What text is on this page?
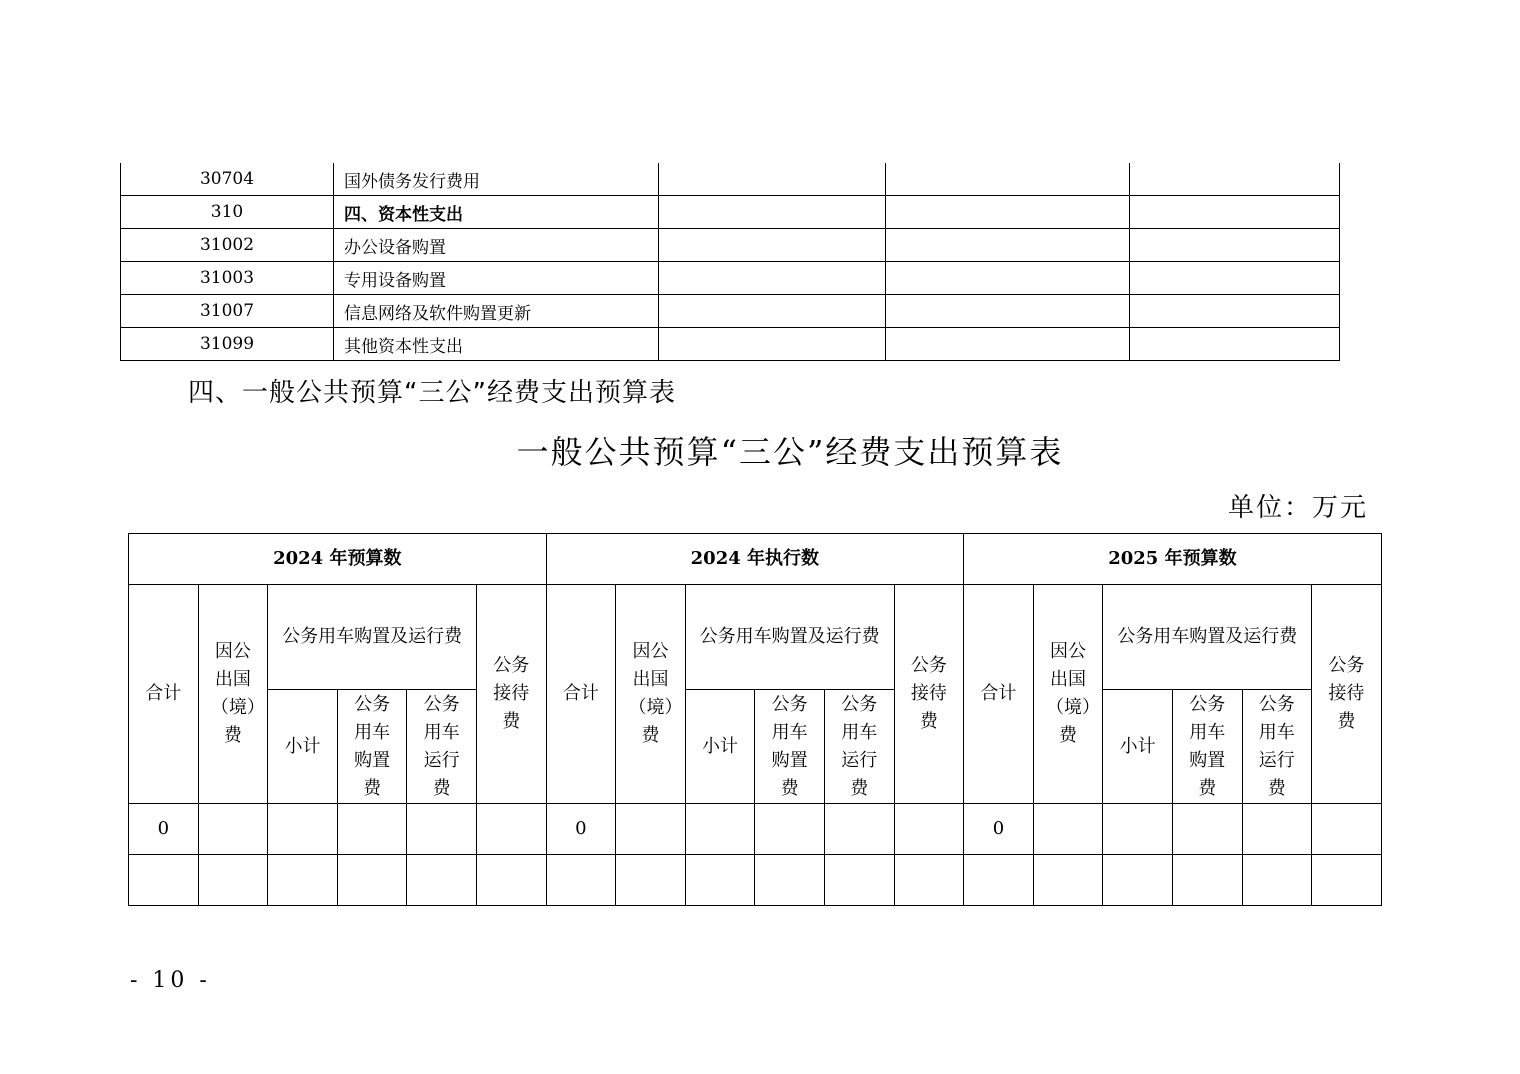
30704	国外债务发行费用			
310	四、资本性支出			
31002	办公设备购置			
31003	专用设备购置			
31007	信息网络及软件购置更新			
31099	其他资本性支出			
四、一般公共预算“三公”经费支出预算表
一般公共预算“三公”经费支出预算表
单位：万元
2024 年预算数						2024 年执行数						2025 年预算数					
合计	因公出国（境）费	公务用车购置及运行费			公务接待费	合计	因公出国（境）费	公务用车购置及运行费			公务接待费	合计	因公出国（境）费	公务用车购置及运行费			公务接待费

		小计	公务用车购置费	公务用车运行费				小计	公务用车购置费	公务用车运行费				小计	公务用车购置费	公务用车运行费	

0						0						0					

- 10 -
